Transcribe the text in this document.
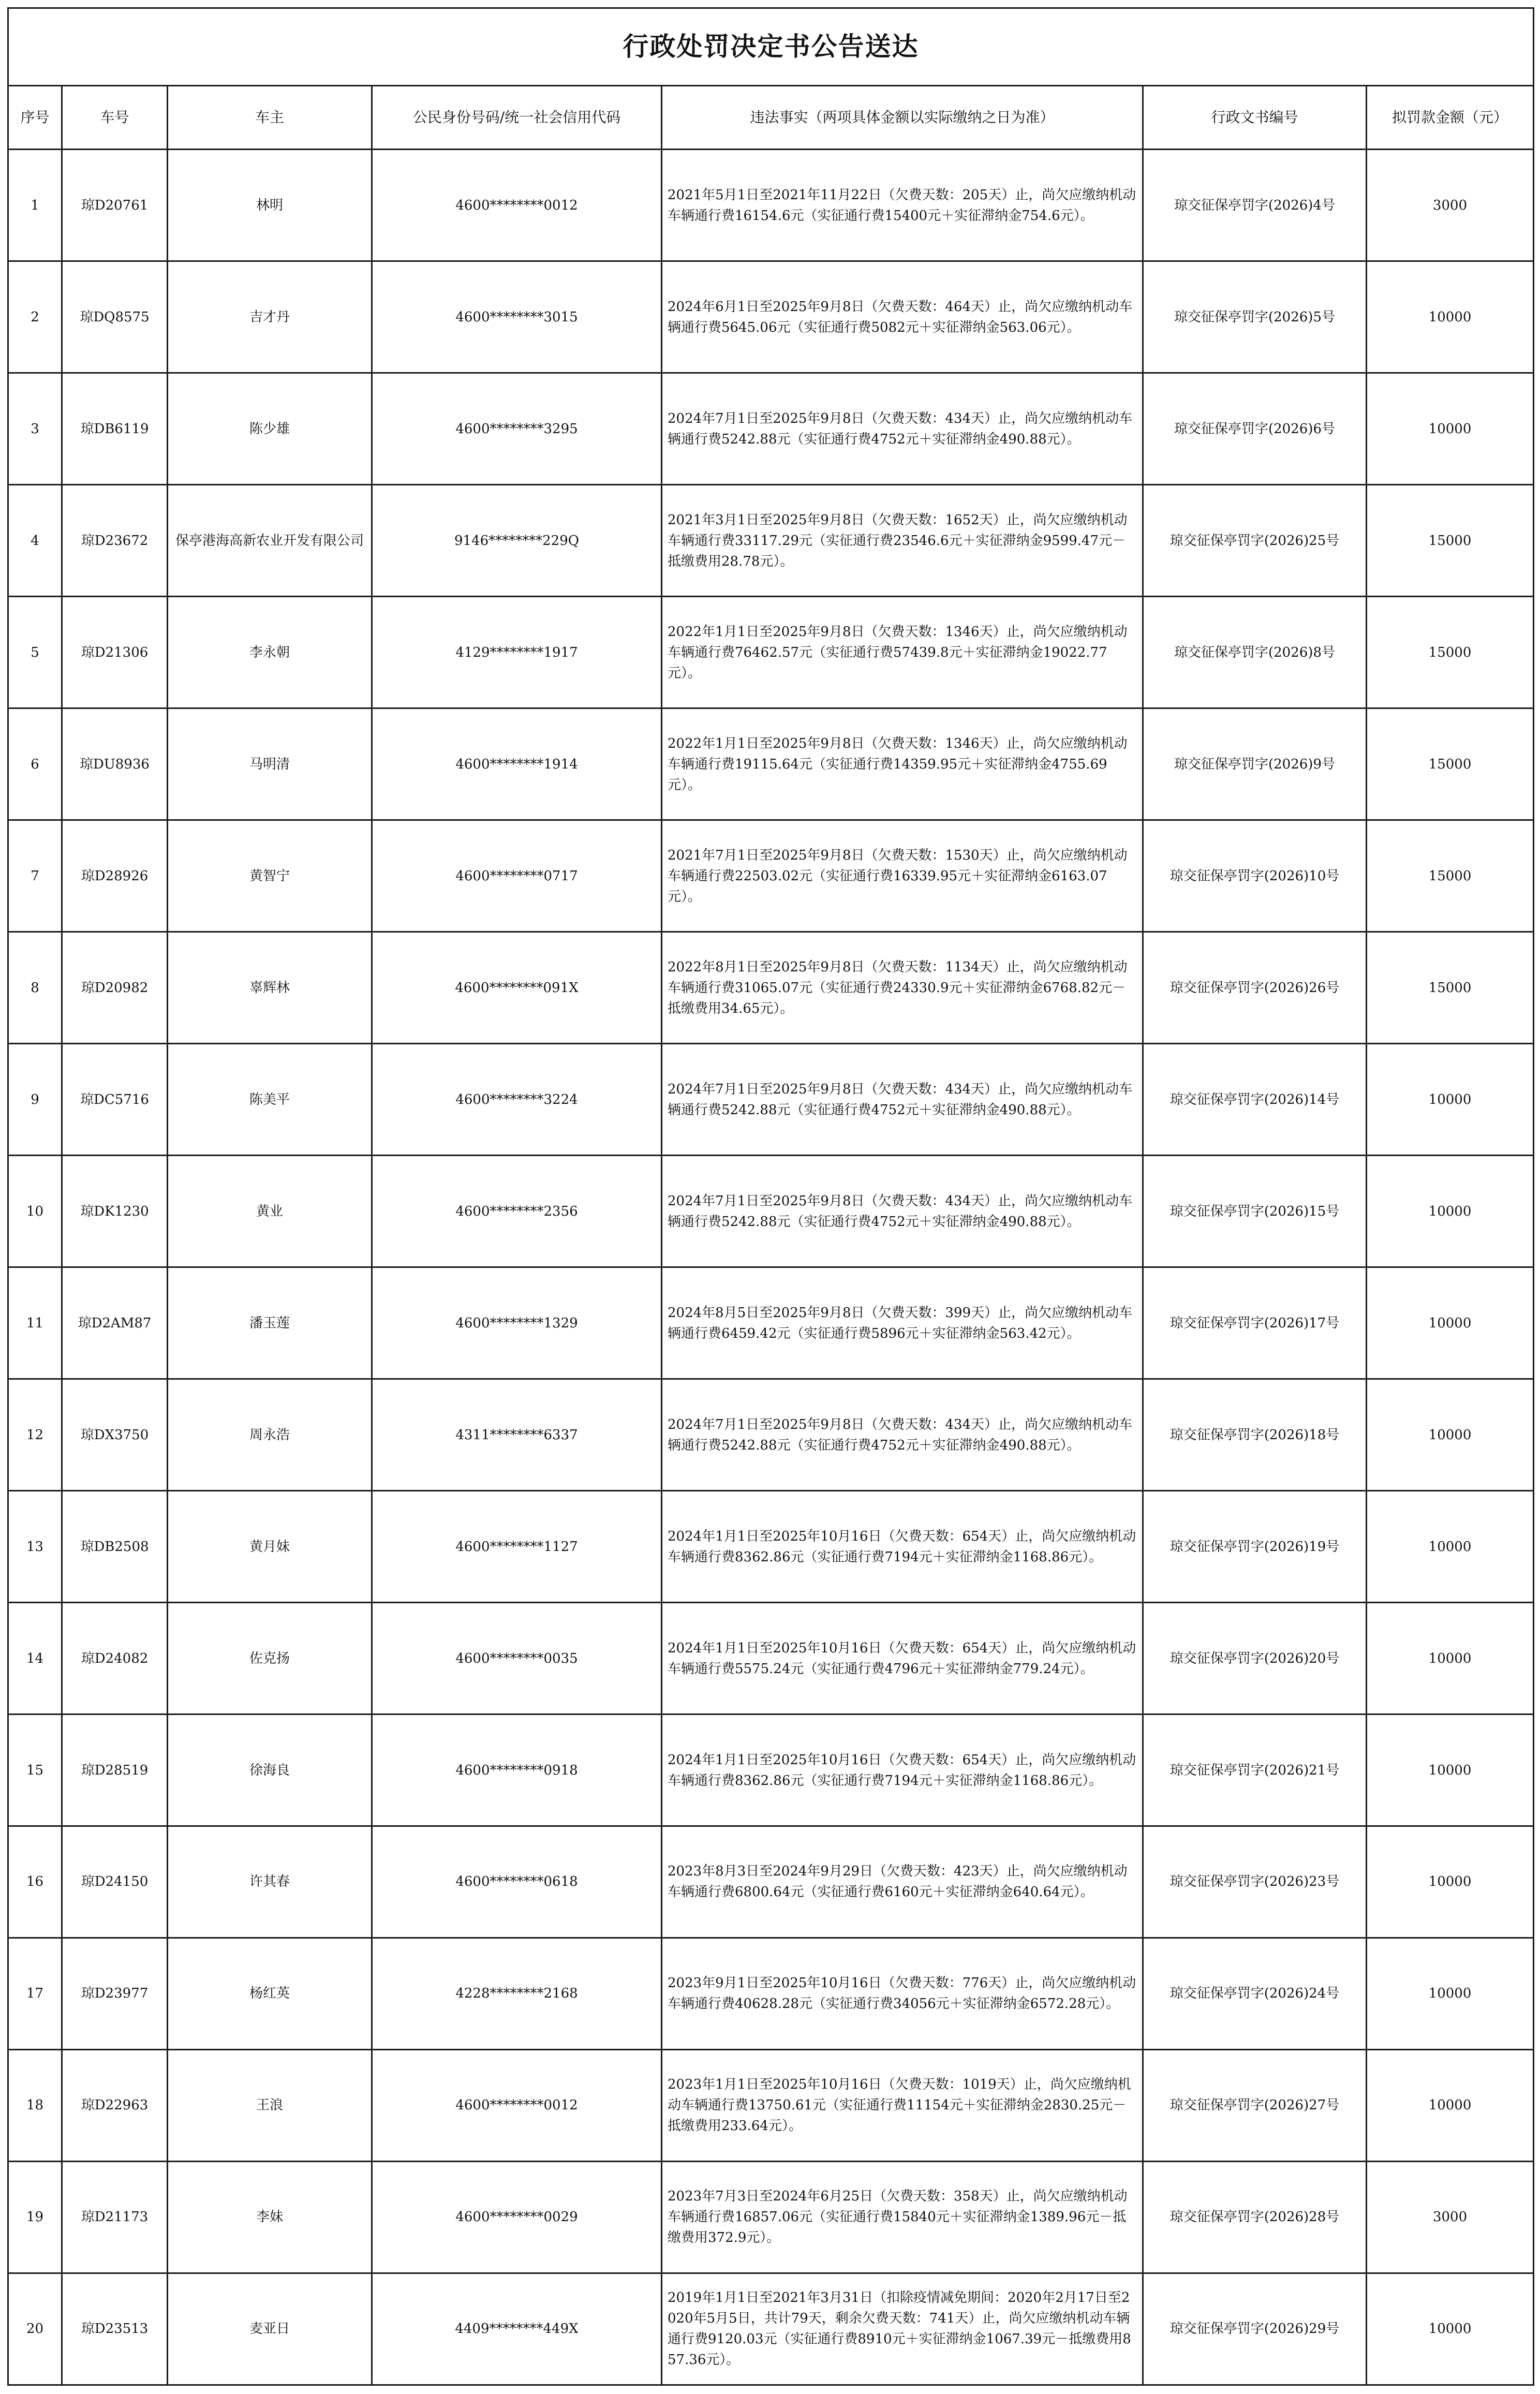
行政处罚决定书公告送达						
序号	车号	车主	公民身份号码/统一社会信用代码	违法事实（两项具体金额以实际缴纳之日为准）	行政文书编号	拟罚款金额（元）
1	琼D20761	林明	4600********0012	2021年5月1日至2021年11月22日（欠费天数：205天）止，尚欠应缴纳机动车辆通行费16154.6元（实征通行费15400元＋实征滞纳金754.6元）。	琼交征保亭罚字(2026)4号	3000
2	琼DQ8575	吉才丹	4600********3015	2024年6月1日至2025年9月8日（欠费天数：464天）止，尚欠应缴纳机动车辆通行费5645.06元（实征通行费5082元＋实征滞纳金563.06元）。	琼交征保亭罚字(2026)5号	10000
3	琼DB6119	陈少雄	4600********3295	2024年7月1日至2025年9月8日（欠费天数：434天）止，尚欠应缴纳机动车辆通行费5242.88元（实征通行费4752元＋实征滞纳金490.88元）。	琼交征保亭罚字(2026)6号	10000
4	琼D23672	保亭港海高新农业开发有限公司	9146********229Q	2021年3月1日至2025年9月8日（欠费天数：1652天）止，尚欠应缴纳机动车辆通行费33117.29元（实征通行费23546.6元＋实征滞纳金9599.47元－抵缴费用28.78元）。	琼交征保亭罚字(2026)25号	15000
5	琼D21306	李永朝	4129********1917	2022年1月1日至2025年9月8日（欠费天数：1346天）止，尚欠应缴纳机动车辆通行费76462.57元（实征通行费57439.8元＋实征滞纳金19022.77元）。	琼交征保亭罚字(2026)8号	15000
6	琼DU8936	马明清	4600********1914	2022年1月1日至2025年9月8日（欠费天数：1346天）止，尚欠应缴纳机动车辆通行费19115.64元（实征通行费14359.95元＋实征滞纳金4755.69元）。	琼交征保亭罚字(2026)9号	15000
7	琼D28926	黄智宁	4600********0717	2021年7月1日至2025年9月8日（欠费天数：1530天）止，尚欠应缴纳机动车辆通行费22503.02元（实征通行费16339.95元＋实征滞纳金6163.07元）。	琼交征保亭罚字(2026)10号	15000
8	琼D20982	辜辉林	4600********091X	2022年8月1日至2025年9月8日（欠费天数：1134天）止，尚欠应缴纳机动车辆通行费31065.07元（实征通行费24330.9元＋实征滞纳金6768.82元－抵缴费用34.65元）。	琼交征保亭罚字(2026)26号	15000
9	琼DC5716	陈美平	4600********3224	2024年7月1日至2025年9月8日（欠费天数：434天）止，尚欠应缴纳机动车辆通行费5242.88元（实征通行费4752元＋实征滞纳金490.88元）。	琼交征保亭罚字(2026)14号	10000
10	琼DK1230	黄业	4600********2356	2024年7月1日至2025年9月8日（欠费天数：434天）止，尚欠应缴纳机动车辆通行费5242.88元（实征通行费4752元＋实征滞纳金490.88元）。	琼交征保亭罚字(2026)15号	10000
11	琼D2AM87	潘玉莲	4600********1329	2024年8月5日至2025年9月8日（欠费天数：399天）止，尚欠应缴纳机动车辆通行费6459.42元（实征通行费5896元＋实征滞纳金563.42元）。	琼交征保亭罚字(2026)17号	10000
12	琼DX3750	周永浩	4311********6337	2024年7月1日至2025年9月8日（欠费天数：434天）止，尚欠应缴纳机动车辆通行费5242.88元（实征通行费4752元＋实征滞纳金490.88元）。	琼交征保亭罚字(2026)18号	10000
13	琼DB2508	黄月妹	4600********1127	2024年1月1日至2025年10月16日（欠费天数：654天）止，尚欠应缴纳机动车辆通行费8362.86元（实征通行费7194元＋实征滞纳金1168.86元）。	琼交征保亭罚字(2026)19号	10000
14	琼D24082	佐克扬	4600********0035	2024年1月1日至2025年10月16日（欠费天数：654天）止，尚欠应缴纳机动车辆通行费5575.24元（实征通行费4796元＋实征滞纳金779.24元）。	琼交征保亭罚字(2026)20号	10000
15	琼D28519	徐海良	4600********0918	2024年1月1日至2025年10月16日（欠费天数：654天）止，尚欠应缴纳机动车辆通行费8362.86元（实征通行费7194元＋实征滞纳金1168.86元）。	琼交征保亭罚字(2026)21号	10000
16	琼D24150	许其春	4600********0618	2023年8月3日至2024年9月29日（欠费天数：423天）止，尚欠应缴纳机动车辆通行费6800.64元（实征通行费6160元＋实征滞纳金640.64元）。	琼交征保亭罚字(2026)23号	10000
17	琼D23977	杨红英	4228********2168	2023年9月1日至2025年10月16日（欠费天数：776天）止，尚欠应缴纳机动车辆通行费40628.28元（实征通行费34056元＋实征滞纳金6572.28元）。	琼交征保亭罚字(2026)24号	10000
18	琼D22963	王浪	4600********0012	2023年1月1日至2025年10月16日（欠费天数：1019天）止，尚欠应缴纳机动车辆通行费13750.61元（实征通行费11154元＋实征滞纳金2830.25元－抵缴费用233.64元）。	琼交征保亭罚字(2026)27号	10000
19	琼D21173	李妹	4600********0029	2023年7月3日至2024年6月25日（欠费天数：358天）止，尚欠应缴纳机动车辆通行费16857.06元（实征通行费15840元＋实征滞纳金1389.96元－抵缴费用372.9元）。	琼交征保亭罚字(2026)28号	3000
20	琼D23513	麦亚日	4409********449X	2019年1月1日至2021年3月31日（扣除疫情减免期间：2020年2月17日至2020年5月5日，共计79天，剩余欠费天数：741天）止，尚欠应缴纳机动车辆通行费9120.03元（实征通行费8910元＋实征滞纳金1067.39元－抵缴费用857.36元）。	琼交征保亭罚字(2026)29号	10000
